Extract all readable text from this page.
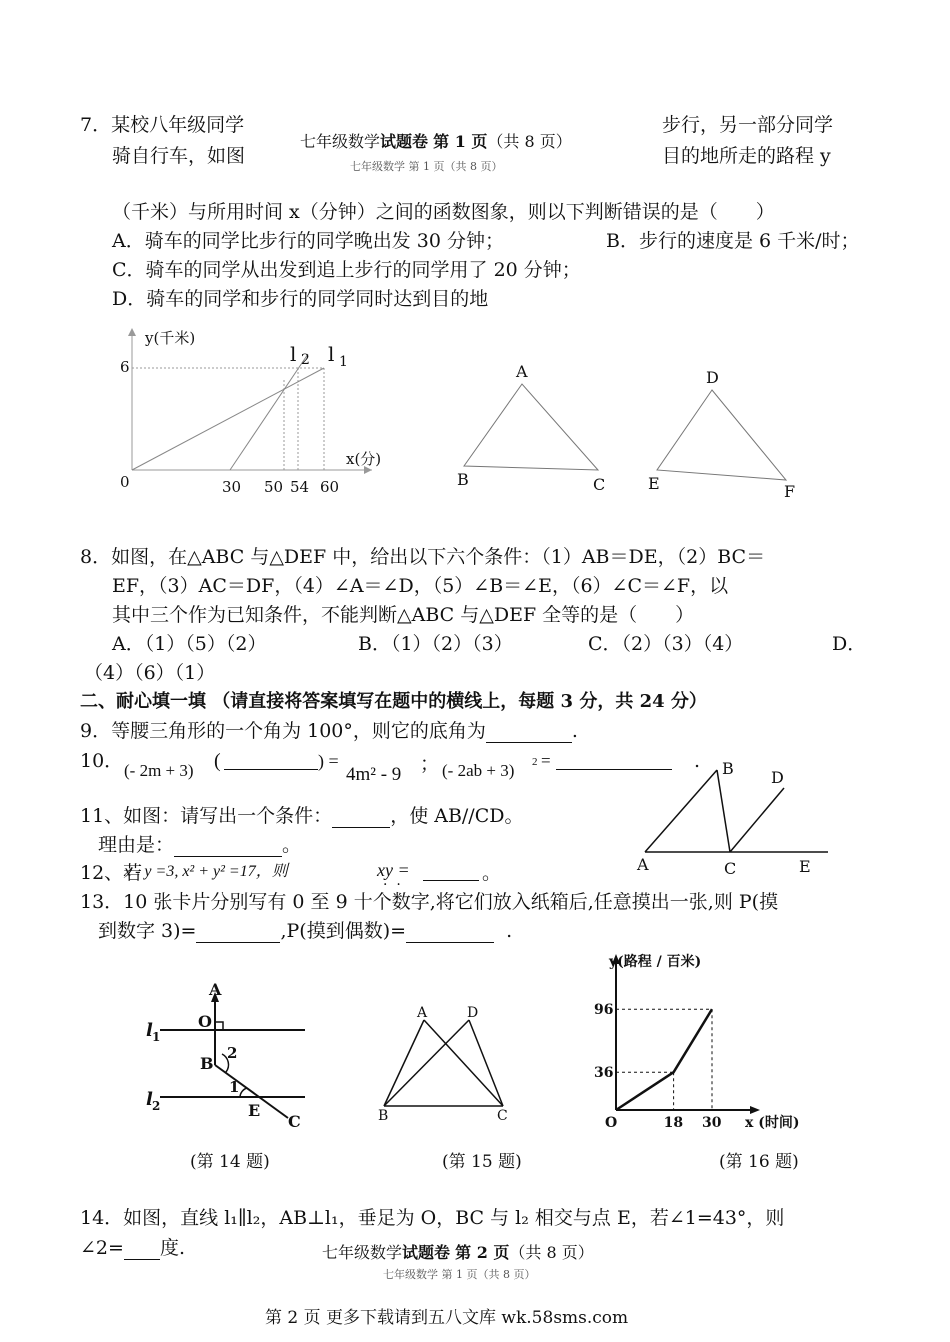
7．某校八年级同学	步行，另一部分同学
骑自行车，如图	目的地所走的路程 y
七年级数学试题卷 第 1 页（共 8 页）
七年级数学 第 1 页（共 8 页）
（千米）与所用时间 x（分钟）之间的函数图象，则以下判断错误的是（　　）
A．骑车的同学比步行的同学晚出发 30 分钟；	B．步行的速度是 6 千米/时；
C．骑车的同学从出发到追上步行的同学用了 20 分钟；
D．骑车的同学和步行的同学同时达到目的地
y(千米)
x(分)
6
0	30 50 54 60
l 2 l 1	A
B	C
D
E	F
8．如图，在△ABC 与△DEF 中，给出以下六个条件：（1）AB＝DE，（2）BC＝
EF，（3）AC＝DF，（4）∠A＝∠D，（5）∠B＝∠E，（6）∠C＝∠F，以
其中三个作为已知条件，不能判断△ABC 与△DEF 全等的是（　　）
A．（1）（5）（2）	B．（1）（2）（3）	C．（2）（3）（4）	D．
（4）（6）（1）
二、耐心填一填 （请直接将答案填写在题中的横线上，每题 3 分，共 24 分）
9．等腰三角形的一个角为 100°，则它的底角为	.
10． (- 2m + 3) (	) =
4m² - 9 ； (- 2ab + 3) 2 =	.
11、如图：请写出一个条件：	，使 AB//CD。
理由是：	。
A
B
C
D
E
12、若
x - y =3, x² + y² =17，则	xy =	。
·  ·
13．10 张卡片分别写有 0 至 9 十个数字,将它们放入纸箱后,任意摸出一张,则 P(摸
到数字 3)=	,P(摸到偶数)=	.
A
O
B
2
1
E
C
l 1
l 2
(第 14 题)
A	D
B	C
(第 15 题)
y(路程 / 百米)
x (时间)
O
96
36
18 30
(第 16 题)
14．如图，直线 l₁∥l₂，AB⊥l₁，垂足为 O，BC 与 l₂ 相交与点 E，若∠1=43°，则
∠2= 度.	七年级数学试题卷 第 2 页（共 8 页）
七年级数学 第 1 页（共 8 页）
第 2 页 更多下载请到五八文库 wk.58sms.com
